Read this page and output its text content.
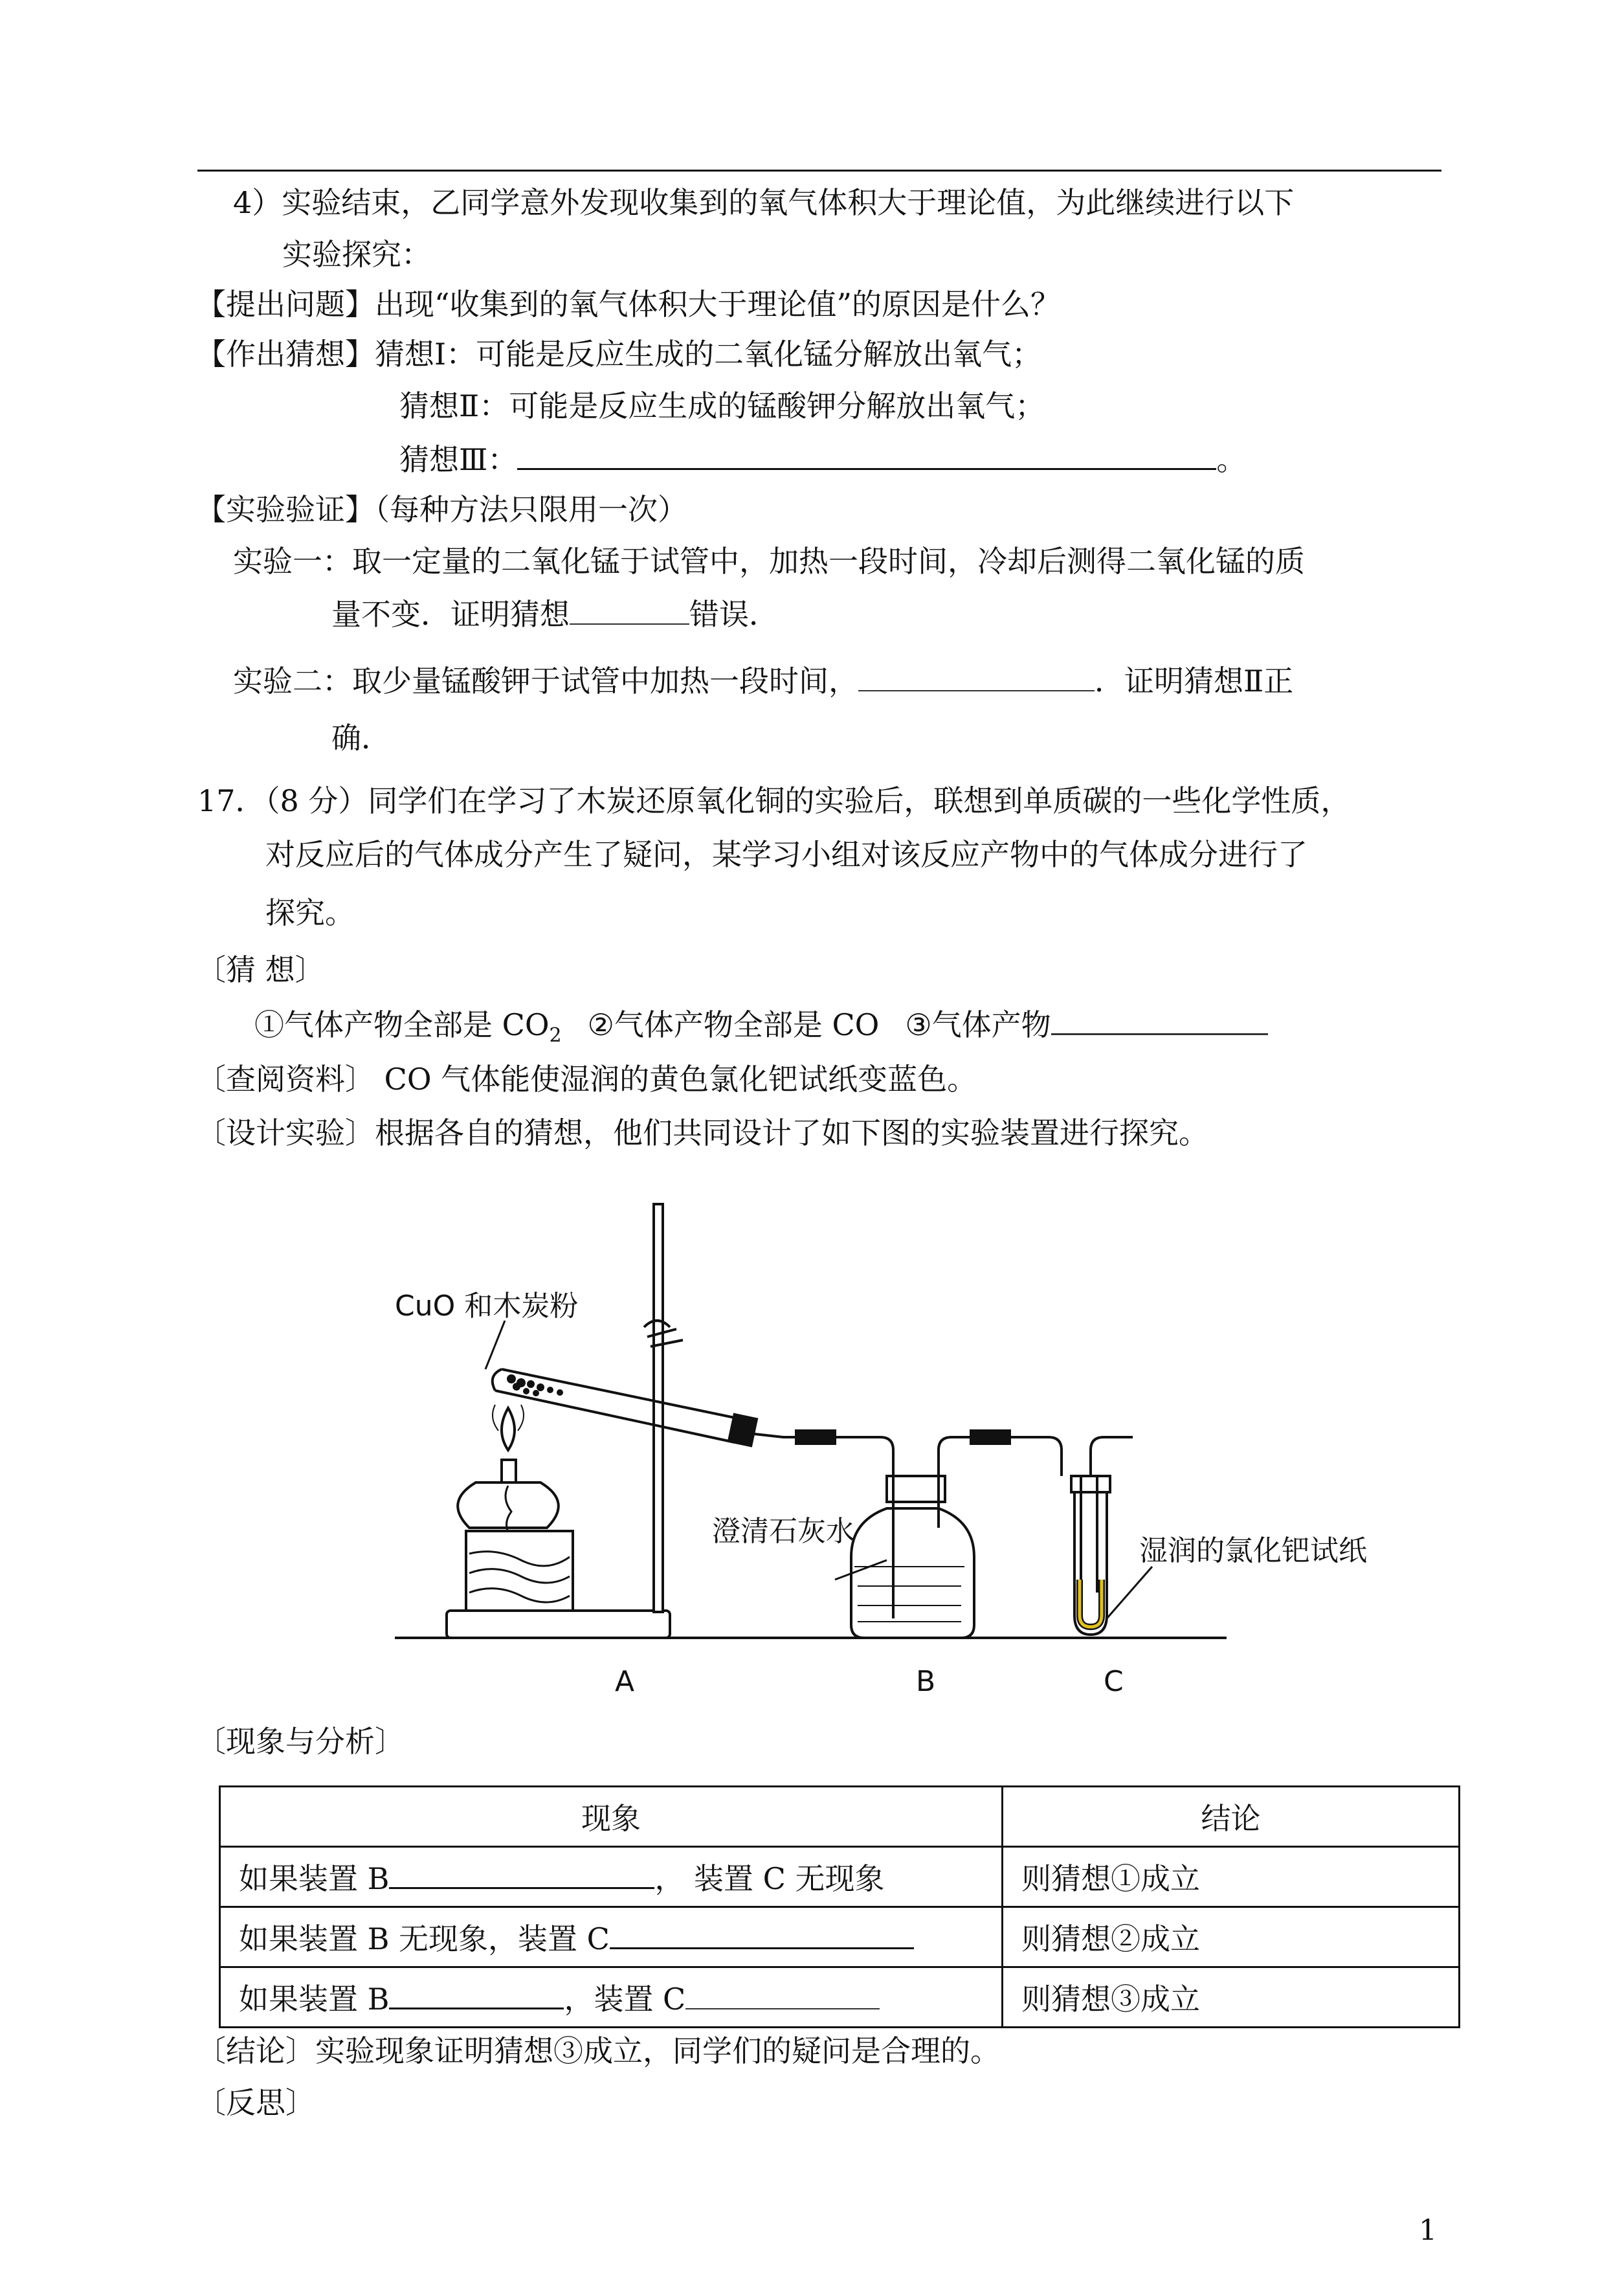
4）实验结束，乙同学意外发现收集到的氧气体积大于理论值，为此继续进行以下
实验探究：
【提出问题】出现“收集到的氧气体积大于理论值”的原因是什么？
【作出猜想】猜想Ⅰ：可能是反应生成的二氧化锰分解放出氧气；
猜想Ⅱ：可能是反应生成的锰酸钾分解放出氧气；
猜想Ⅲ：	。
【实验验证】（每种方法只限用一次）
实验一：取一定量的二氧化锰于试管中，加热一段时间，冷却后测得二氧化锰的质
量不变．证明猜想	错误．
实验二：取少量锰酸钾于试管中加热一段时间，	．证明猜想Ⅱ正
确．
17．（8 分）同学们在学习了木炭还原氧化铜的实验后，联想到单质碳的一些化学性质，
对反应后的气体成分产生了疑问，某学习小组对该反应产物中的气体成分进行了
探究。
〔猜 想〕
①气体产物全部是 $CO_2$ ②气体产物全部是 CO ③气体产物
〔查阅资料〕 CO 气体能使湿润的黄色氯化钯试纸变蓝色。
〔设计实验〕根据各自的猜想，他们共同设计了如下图的实验装置进行探究。
CuO 和木炭粉
澄清石灰水
湿润的氯化钯试纸
A	B	C
〔现象与分析〕
现象	结论
如果装置 B ， 装置 C 无现象	则猜想①成立
如果装置 B 无现象，装置 C	则猜想②成立
如果装置 B ，装置 C	则猜想③成立
〔结论〕实验现象证明猜想③成立，同学们的疑问是合理的。
〔反思〕
1
